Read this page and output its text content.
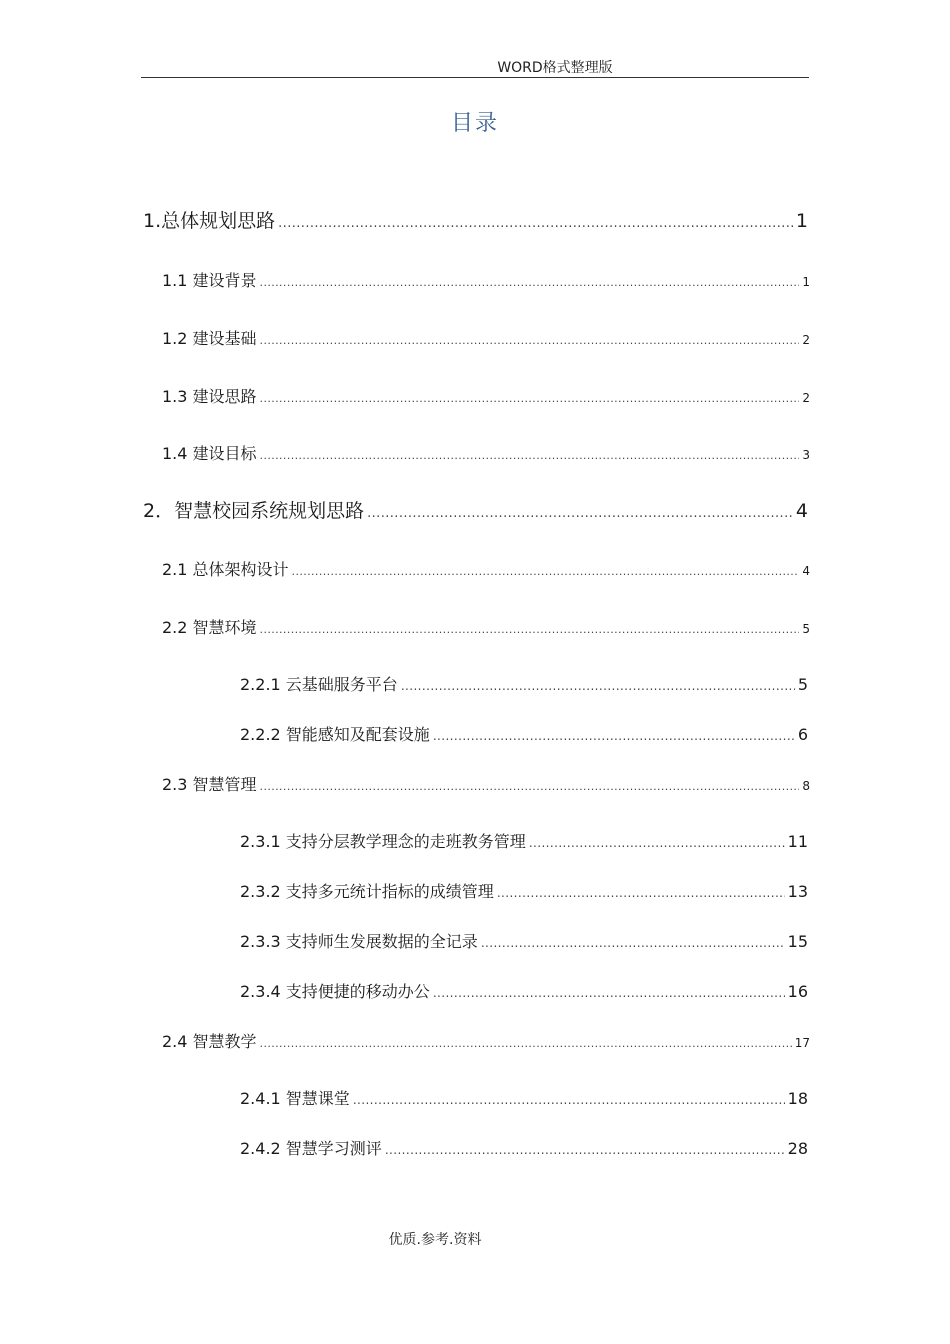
WORD格式整理版
目录
1.总体规划思路 .....	1
1.1 建设背景 .....	1
1.2 建设基础 .....	2
1.3 建设思路 .....	2
1.4 建设目标 .....	3
2．智慧校园系统规划思路 .....	4
2.1 总体架构设计 .....	4
2.2 智慧环境 .....	5
2.2.1 云基础服务平台 .....	5
2.2.2 智能感知及配套设施 .....	6
2.3 智慧管理 .....	8
2.3.1 支持分层教学理念的走班教务管理 .....	11
2.3.2 支持多元统计指标的成绩管理 .....	13
2.3.3 支持师生发展数据的全记录 .....	15
2.3.4 支持便捷的移动办公 .....	16
2.4 智慧教学 .....	17
2.4.1 智慧课堂 .....	18
2.4.2 智慧学习测评 .....	28
优质.参考.资料
